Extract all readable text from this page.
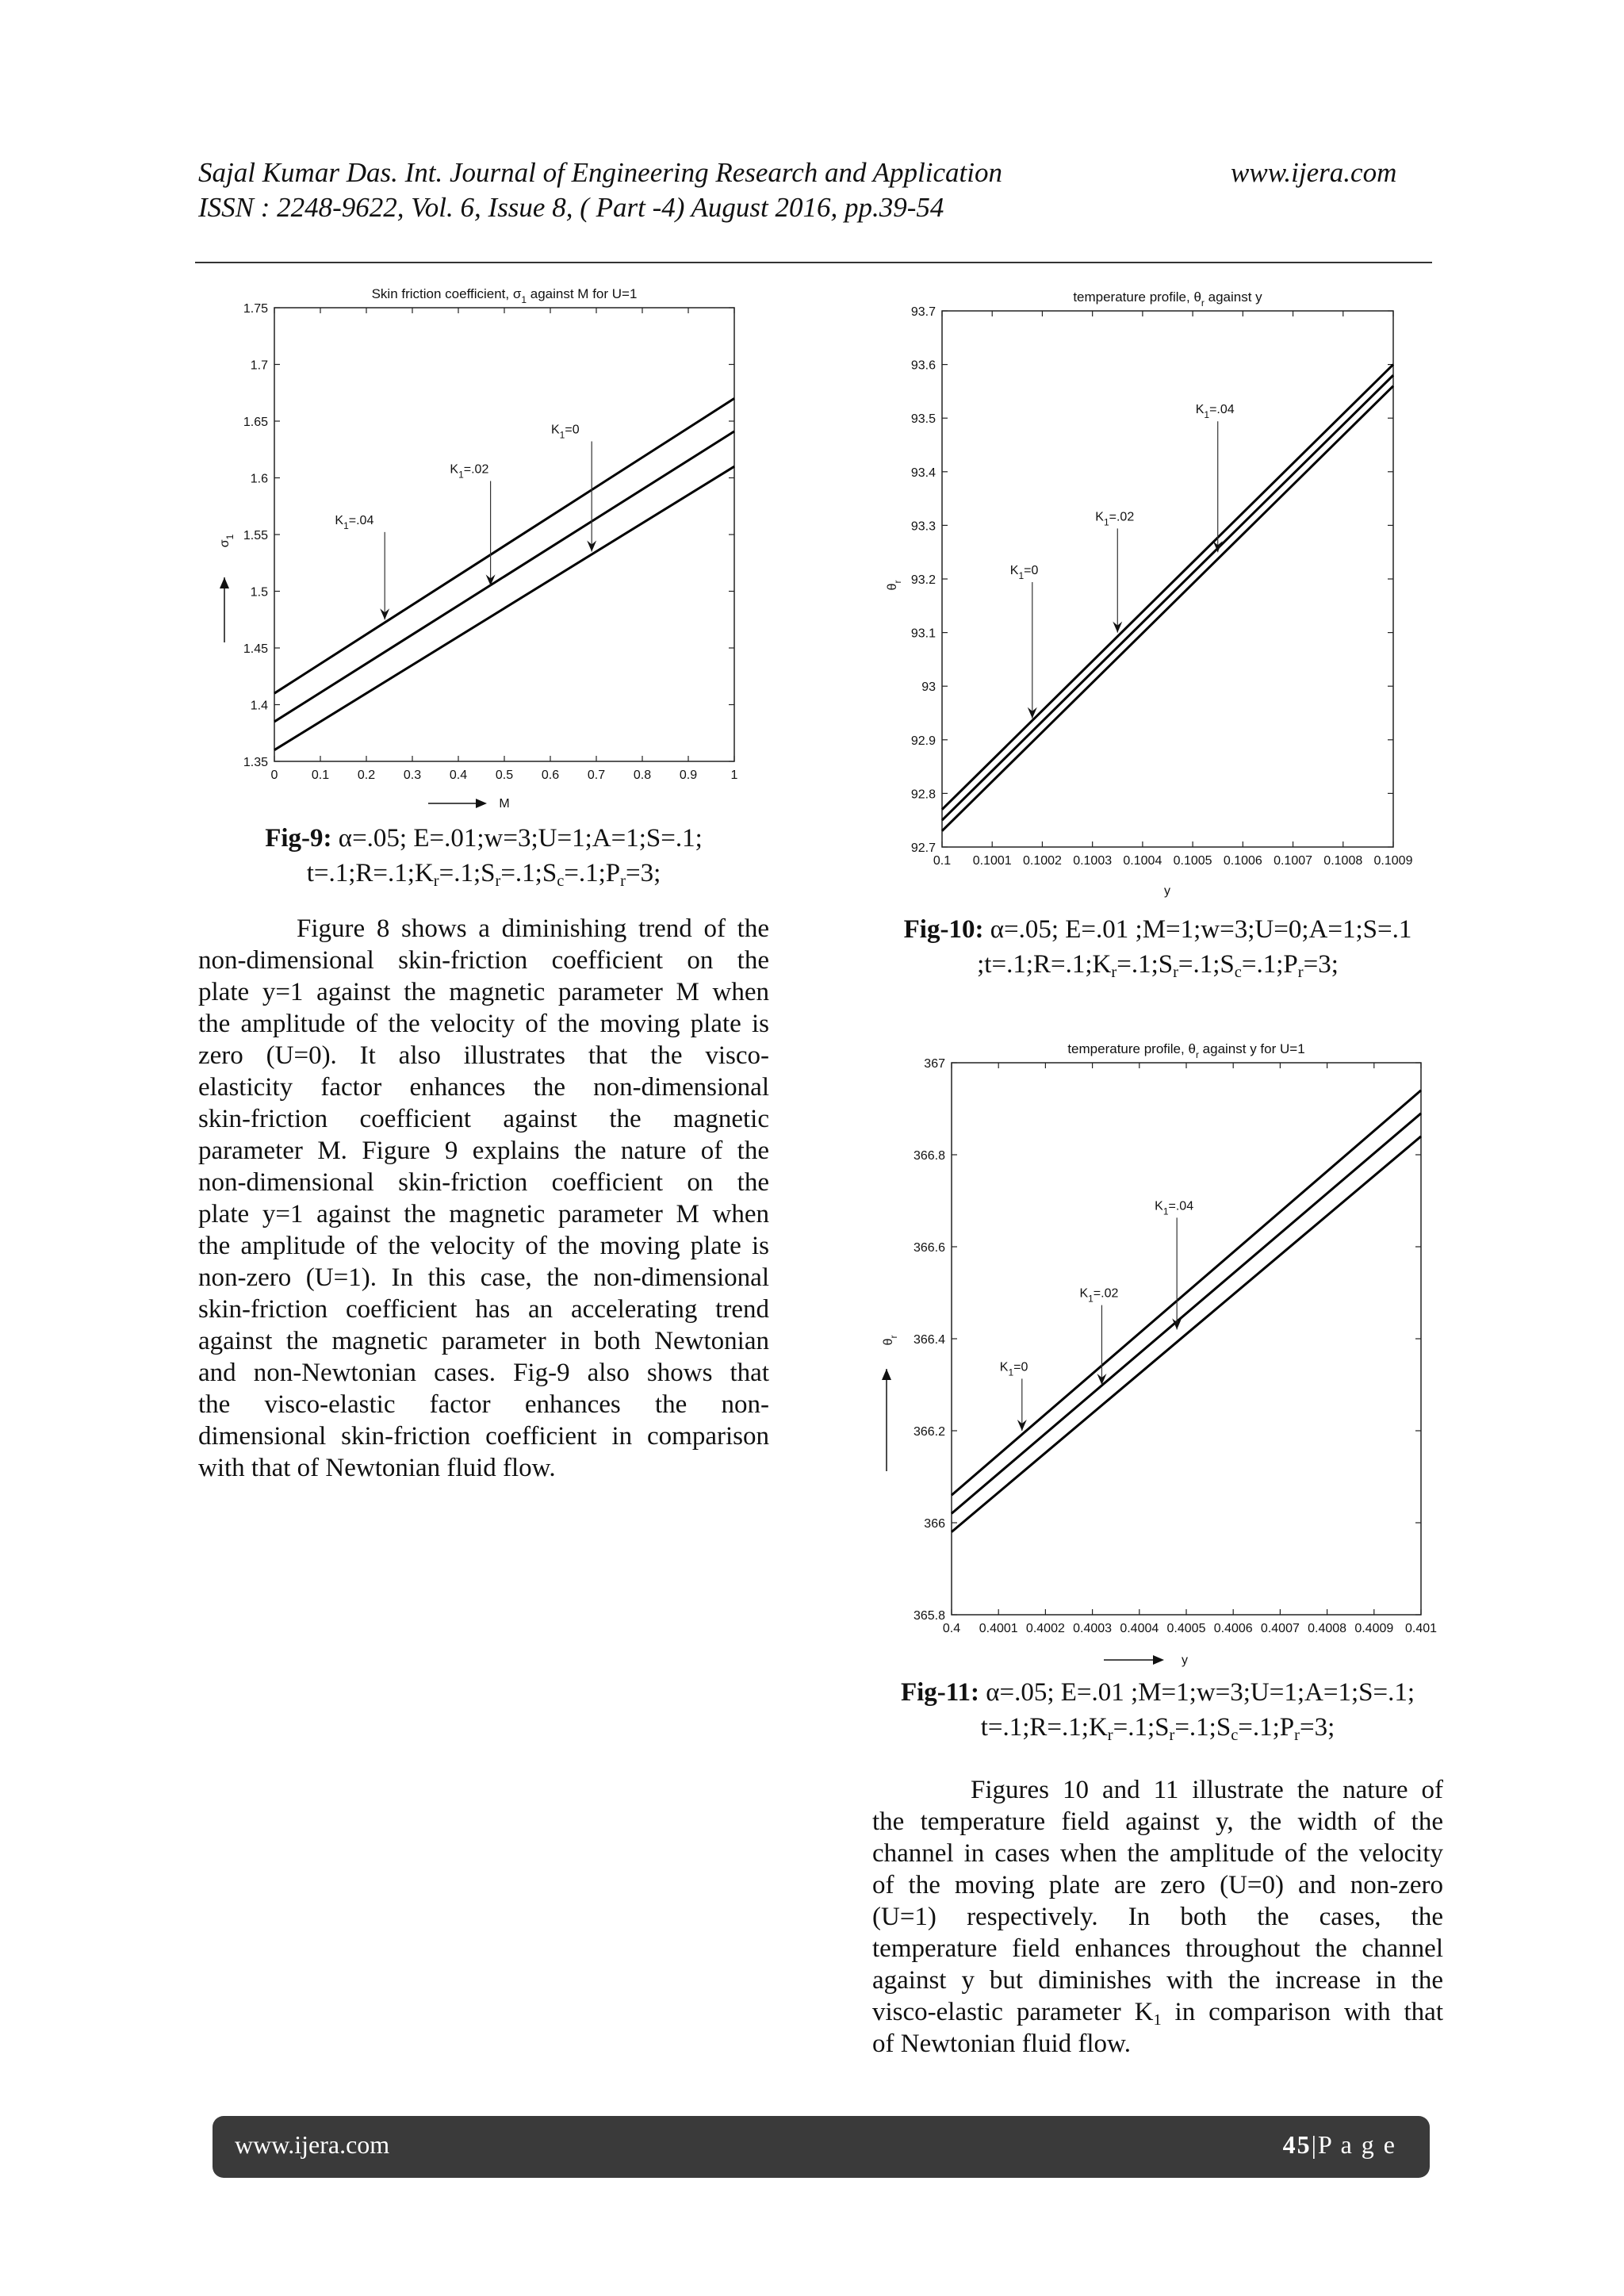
Sajal Kumar Das. Int. Journal of Engineering Research and Application	www.ijera.com
ISSN : 2248-9622, Vol. 6, Issue 8, ( Part -4) August 2016, pp.39-54
Skin friction coefficient, $\sigma_1$ against M for U=1
0	0.1 0.2 0.3 0.4 0.5 0.6 0.7 0.8 0.9	1
1.35
1.4
1.45
1.5
1.55
1.6
1.65
1.7
1.75
$K_1=.04$
$K_1=.02$
$K_1=0$
M
$\sigma_1$
Fig-9: α=.05; E=.01;w=3;U=1;A=1;S=.1;
$t=.1;R=.1;K_r=.1;S_r=.1;S_c=.1;P_r=3$;
temperature profile, $\theta_r$ against y
0.1 0.1001 0.1002 0.1003 0.1004 0.1005 0.1006 0.1007 0.1008 0.1009
92.7
92.8
92.9
93
93.1
93.2
93.3
93.4
93.5
93.6
93.7
$K_1=0$
$K_1=.02$
$K_1=.04$
y
$\theta_r$
Fig-10: α=.05; E=.01 ;M=1;w=3;U=0;A=1;S=.1
$;t=.1;R=.1;K_r=.1;S_r=.1;S_c=.1;P_r=3$;
temperature profile, $\theta_r$ against y for U=1
0.4 0.4001 0.4002 0.4003 0.4004 0.4005 0.4006 0.4007 0.4008 0.4009 0.401
365.8
366
366.2
366.4
366.6
366.8
367
$K_1=0$
$K_1=.02$
$K_1=.04$
y
$\theta_r$
Fig-11: α=.05; E=.01 ;M=1;w=3;U=1;A=1;S=.1;
$t=.1;R=.1;K_r=.1;S_r=.1;S_c=.1;P_r=3$;
Figure 8 shows a diminishing trend of the
non-dimensional skin-friction coefficient on the
plate y=1 against the magnetic parameter M when
the amplitude of the velocity of the moving plate is
zero (U=0). It also illustrates that the visco-
elasticity factor enhances the non-dimensional
skin-friction coefficient against the magnetic
parameter M. Figure 9 explains the nature of the
non-dimensional skin-friction coefficient on the
plate y=1 against the magnetic parameter M when
the amplitude of the velocity of the moving plate is
non-zero (U=1). In this case, the non-dimensional
skin-friction coefficient has an accelerating trend
against the magnetic parameter in both Newtonian
and non-Newtonian cases. Fig-9 also shows that
the visco-elastic factor enhances the non-
dimensional skin-friction coefficient in comparison
with that of Newtonian fluid flow.
Figures 10 and 11 illustrate the nature of
the temperature field against y, the width of the
channel in cases when the amplitude of the velocity
of the moving plate are zero (U=0) and non-zero
(U=1) respectively. In both the cases, the
temperature field enhances throughout the channel
against y but diminishes with the increase in the
visco-elastic parameter $K_1$ in comparison with that
of Newtonian fluid flow.
www.ijera.com	45|P a g e
